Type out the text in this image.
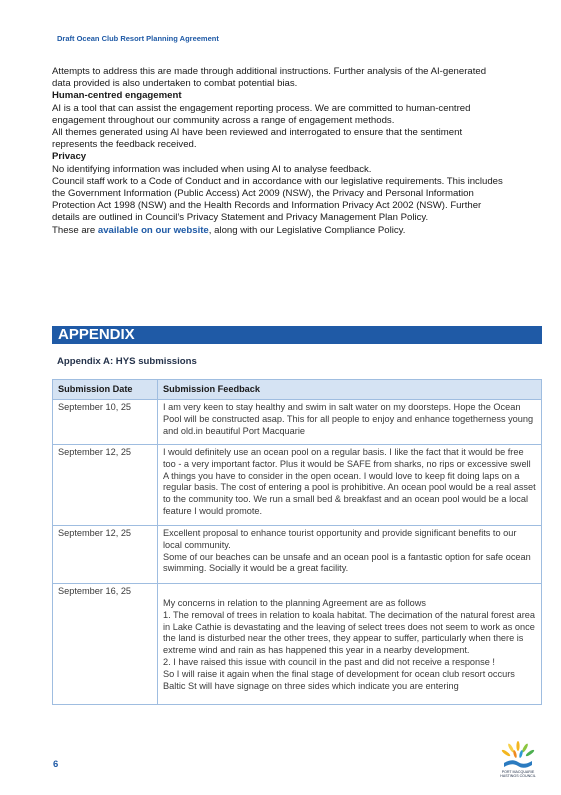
Draft Ocean Club Resort Planning Agreement

Attempts to address this are made through additional instructions. Further analysis of the AI-generated data provided is also undertaken to combat potential bias.

Human-centred engagement

AI is a tool that can assist the engagement reporting process. We are committed to human-centred engagement throughout our community across a range of engagement methods.

All themes generated using AI have been reviewed and interrogated to ensure that the sentiment represents the feedback received.

Privacy

No identifying information was included when using AI to analyse feedback.

Council staff work to a Code of Conduct and in accordance with our legislative requirements. This includes the Government Information (Public Access) Act 2009 (NSW), the Privacy and Personal Information Protection Act 1998 (NSW) and the Health Records and Information Privacy Act 2002 (NSW). Further details are outlined in Council’s Privacy Statement and Privacy Management Plan Policy.

These are available on our website, along with our Legislative Compliance Policy.

APPENDIX
Appendix A: HYS submissions
Submission Date	Submission Feedback
September 10, 25	I am very keen to stay healthy and swim in salt water on my doorsteps. Hope the Ocean Pool will be constructed asap. This for all people to enjoy and enhance togetherness young and old.in beautiful Port Macquarie

September 12, 25	I would definitely use an ocean pool on a regular basis. I like the fact that it would be free too - a very important factor. Plus it would be SAFE from sharks, no rips or excessive swell A things you have to consider in the open ocean. I would love to keep fit doing laps on a regular basis. The cost of entering a pool is prohibitive. An ocean pool would be a real asset to the community too. We run a small bed & breakfast and an ocean pool would be a local feature I would promote.

September 12, 25	Excellent proposal to enhance tourist opportunity and provide significant benefits to our local community.
Some of our beaches can be unsafe and an ocean pool is a fantastic option for safe ocean swimming. Socially it would be a great facility.

September 16, 25	My concerns in relation to the planning Agreement are as follows
1. The removal of trees in relation to koala habitat. The decimation of the natural forest area in Lake Cathie is devastating and the leaving of select trees does not seem to work as once the land is disturbed near the other trees, they appear to suffer, particularly when there is extreme wind and rain as has happened this year in a nearby development.
2. I have raised this issue with council in the past and did not receive a response !
So I will raise it again when the final stage of development for ocean club resort occurs Baltic St will have signage on three sides which indicate you are entering
6
PORT MACQUARIE
HASTINGS COUNCIL
